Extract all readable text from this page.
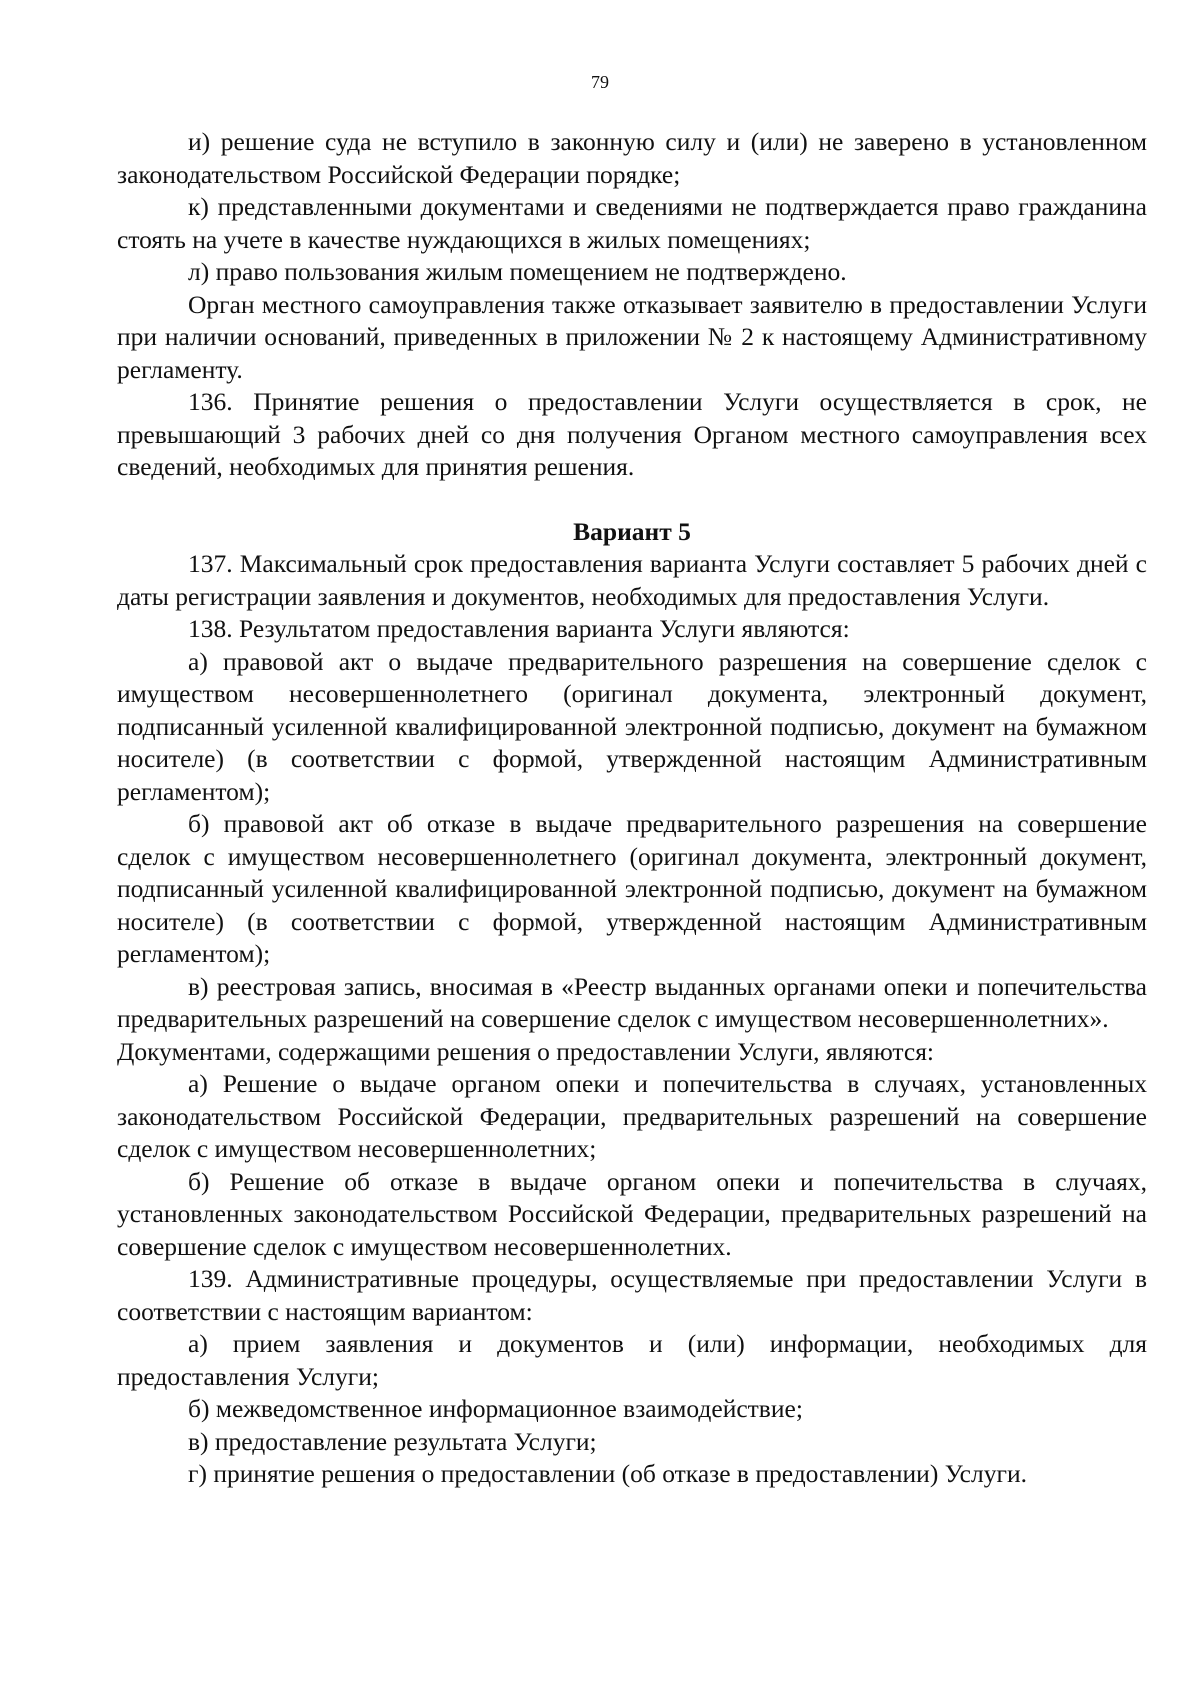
79

и) решение суда не вступило в законную силу и (или) не заверено в установленном законодательством Российской Федерации порядке;

к) представленными документами и сведениями не подтверждается право гражданина стоять на учете в качестве нуждающихся в жилых помещениях;

л) право пользования жилым помещением не подтверждено.

Орган местного самоуправления также отказывает заявителю в предоставлении Услуги при наличии оснований, приведенных в приложении № 2 к настоящему Административному регламенту.

136. Принятие решения о предоставлении Услуги осуществляется в срок, не превышающий 3 рабочих дней со дня получения Органом местного самоуправления всех сведений, необходимых для принятия решения.

Вариант 5

137. Максимальный срок предоставления варианта Услуги составляет 5 рабочих дней с даты регистрации заявления и документов, необходимых для предоставления Услуги.

138. Результатом предоставления варианта Услуги являются:

а) правовой акт о выдаче предварительного разрешения на совершение сделок с имуществом несовершеннолетнего (оригинал документа, электронный документ, подписанный усиленной квалифицированной электронной подписью, документ на бумажном носителе) (в соответствии с формой, утвержденной настоящим Административным регламентом);

б) правовой акт об отказе в выдаче предварительного разрешения на совершение сделок с имуществом несовершеннолетнего (оригинал документа, электронный документ, подписанный усиленной квалифицированной электронной подписью, документ на бумажном носителе) (в соответствии с формой, утвержденной настоящим Административным регламентом);

в) реестровая запись, вносимая в «Реестр выданных органами опеки и попечительства предварительных разрешений на совершение сделок с имуществом несовершеннолетних».

Документами, содержащими решения о предоставлении Услуги, являются:

а) Решение о выдаче органом опеки и попечительства в случаях, установленных законодательством Российской Федерации, предварительных разрешений на совершение сделок с имуществом несовершеннолетних;

б) Решение об отказе в выдаче органом опеки и попечительства в случаях, установленных законодательством Российской Федерации, предварительных разрешений на совершение сделок с имуществом несовершеннолетних.

139. Административные процедуры, осуществляемые при предоставлении Услуги в соответствии с настоящим вариантом:

а) прием заявления и документов и (или) информации, необходимых для предоставления Услуги;

б) межведомственное информационное взаимодействие;

в) предоставление результата Услуги;

г) принятие решения о предоставлении (об отказе в предоставлении) Услуги.
